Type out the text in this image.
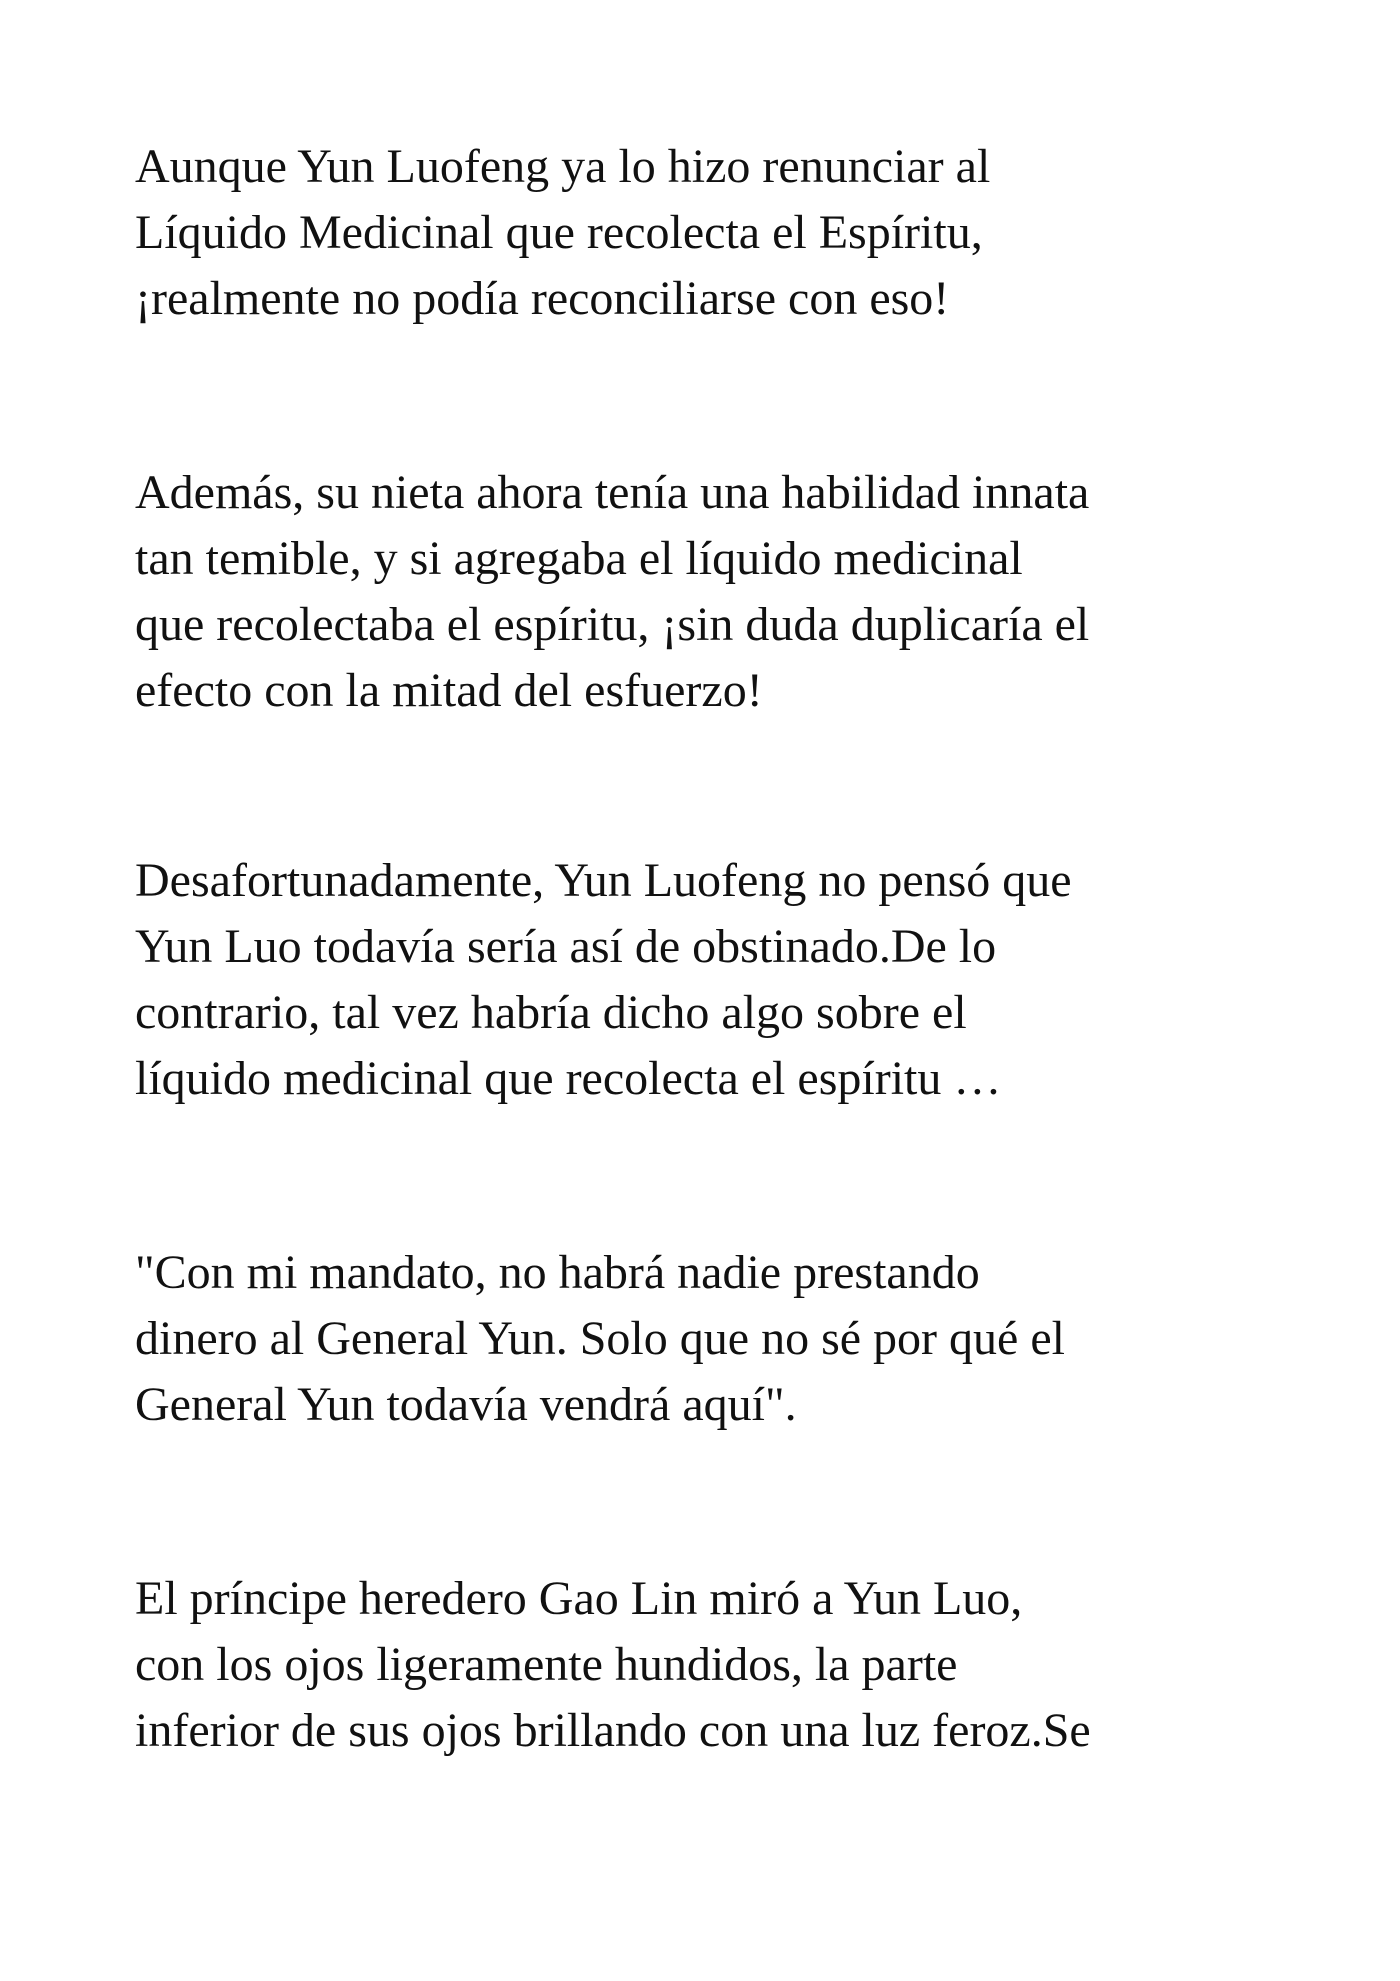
Aunque Yun Luofeng ya lo hizo renunciar al
Líquido Medicinal que recolecta el Espíritu,
¡realmente no podía reconciliarse con eso!

Además, su nieta ahora tenía una habilidad innata
tan temible, y si agregaba el líquido medicinal
que recolectaba el espíritu, ¡sin duda duplicaría el
efecto con la mitad del esfuerzo!

Desafortunadamente, Yun Luofeng no pensó que
Yun Luo todavía sería así de obstinado.De lo
contrario, tal vez habría dicho algo sobre el
líquido medicinal que recolecta el espíritu …

"Con mi mandato, no habrá nadie prestando
dinero al General Yun. Solo que no sé por qué el
General Yun todavía vendrá aquí".

El príncipe heredero Gao Lin miró a Yun Luo,
con los ojos ligeramente hundidos, la parte
inferior de sus ojos brillando con una luz feroz.Se
